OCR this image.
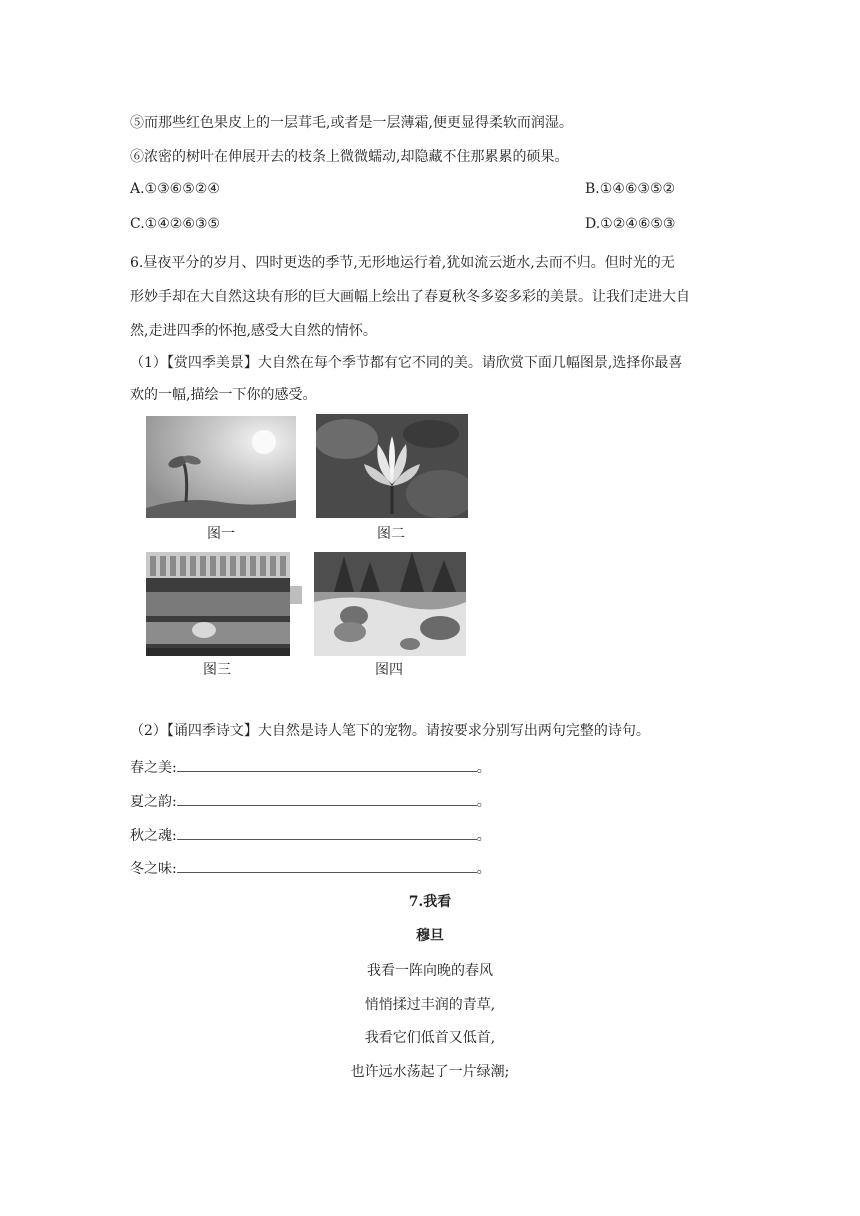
⑤而那些红色果皮上的一层茸毛,或者是一层薄霜,便更显得柔软而润湿。
⑥浓密的树叶在伸展开去的枝条上微微蠕动,却隐藏不住那累累的硕果。
A.①③⑥⑤②④	B.①④⑥③⑤②
C.①④②⑥③⑤	D.①②④⑥⑤③
6.昼夜平分的岁月、四时更迭的季节,无形地运行着,犹如流云逝水,去而不归。但时光的无
形妙手却在大自然这块有形的巨大画幅上绘出了春夏秋冬多姿多彩的美景。让我们走进大自
然,走进四季的怀抱,感受大自然的情怀。
（1）【赏四季美景】大自然在每个季节都有它不同的美。请欣赏下面几幅图景,选择你最喜
欢的一幅,描绘一下你的感受。
图一	图二
图三	图四
（2）【诵四季诗文】大自然是诗人笔下的宠物。请按要求分别写出两句完整的诗句。
春之美:	。
夏之韵:	。
秋之魂:	。
冬之味:	。
7.我看
穆旦
我看一阵向晚的春风
悄悄揉过丰润的青草,
我看它们低首又低首,
也许远水荡起了一片绿潮;
